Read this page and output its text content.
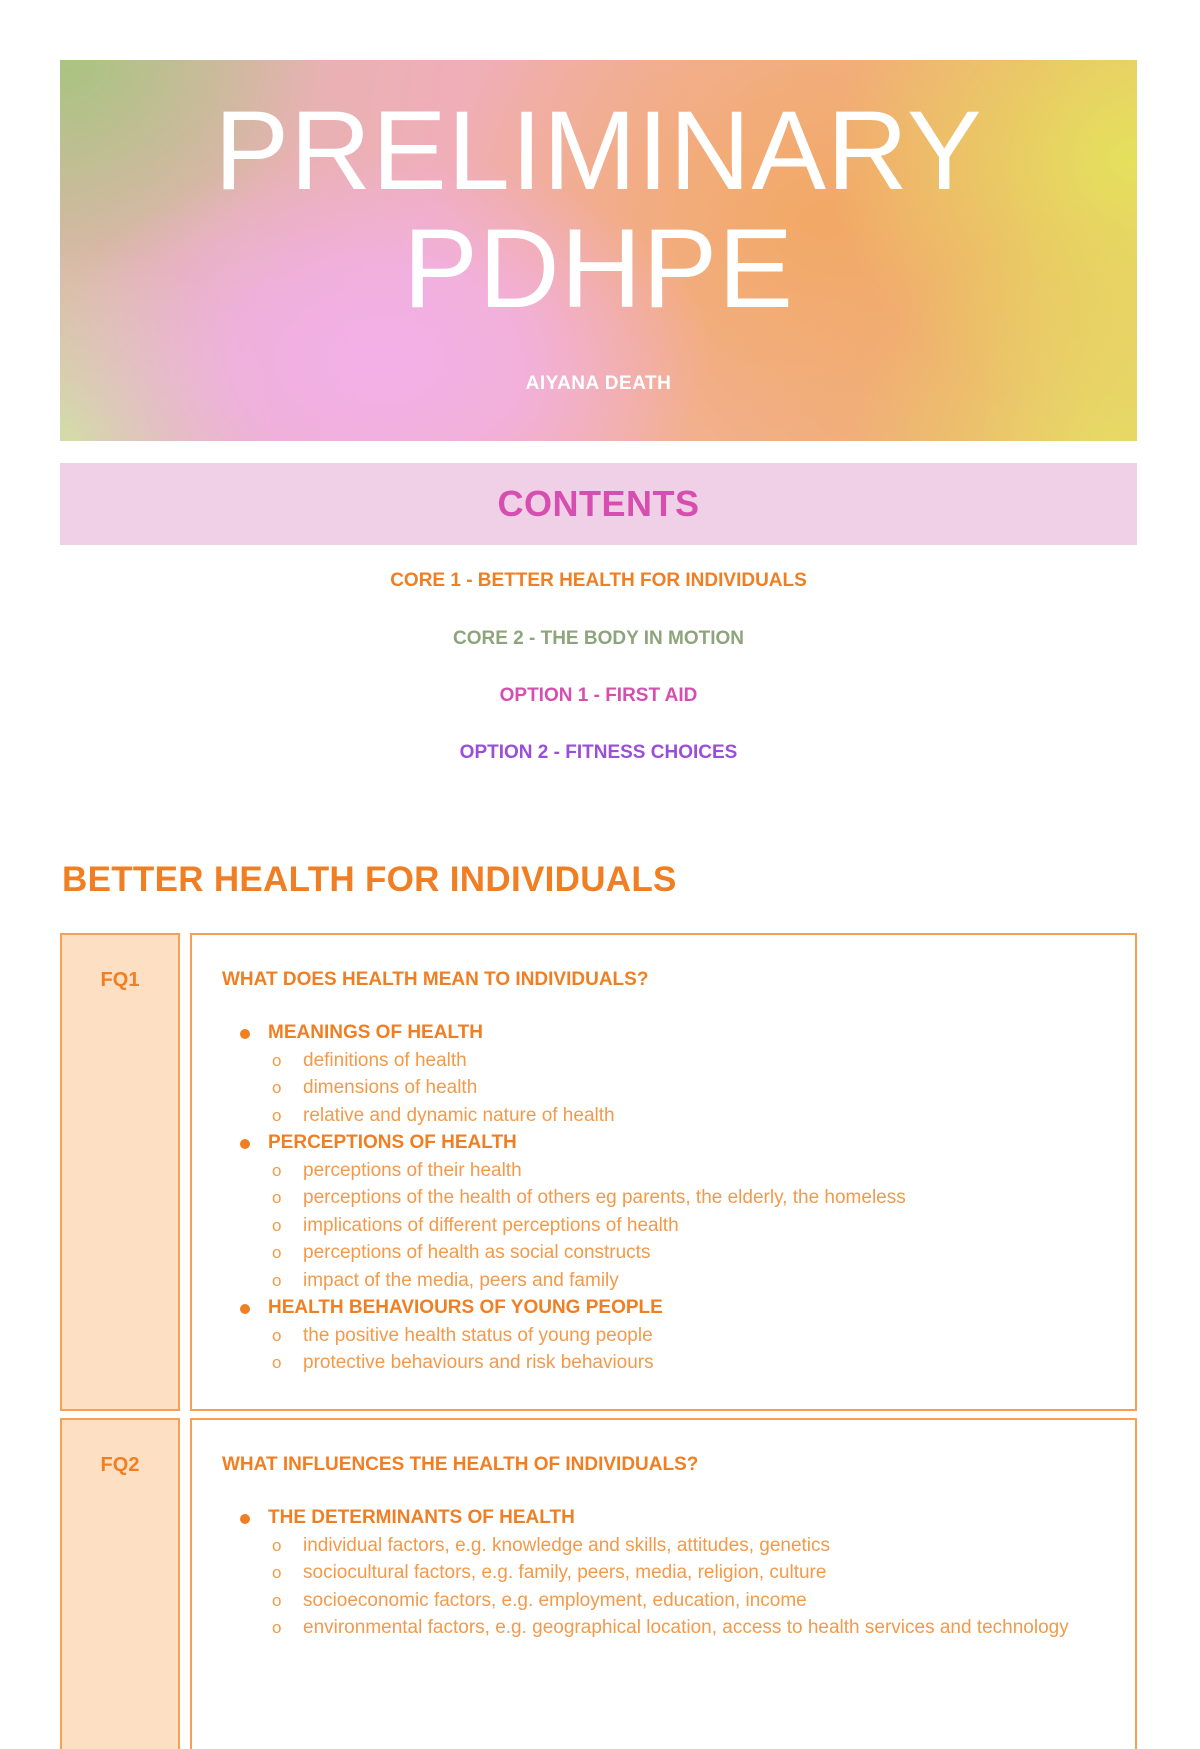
PRELIMINARY
PDHPE
AIYANA DEATH
CONTENTS
CORE 1 - BETTER HEALTH FOR INDIVIDUALS
CORE 2 - THE BODY IN MOTION
OPTION 1 - FIRST AID
OPTION 2 - FITNESS CHOICES
BETTER HEALTH FOR INDIVIDUALS
FQ1	WHAT DOES HEALTH MEAN TO INDIVIDUALS?
MEANINGS OF HEALTH
o definitions of health
o dimensions of health
o relative and dynamic nature of health
PERCEPTIONS OF HEALTH
o perceptions of their health
o perceptions of the health of others eg parents, the elderly, the homeless
o implications of different perceptions of health
o perceptions of health as social constructs
o impact of the media, peers and family
HEALTH BEHAVIOURS OF YOUNG PEOPLE
o the positive health status of young people
o protective behaviours and risk behaviours
FQ2	WHAT INFLUENCES THE HEALTH OF INDIVIDUALS?
THE DETERMINANTS OF HEALTH
o individual factors, e.g. knowledge and skills, attitudes, genetics
o sociocultural factors, e.g. family, peers, media, religion, culture
o socioeconomic factors, e.g. employment, education, income
o environmental factors, e.g. geographical location, access to health services and technology
